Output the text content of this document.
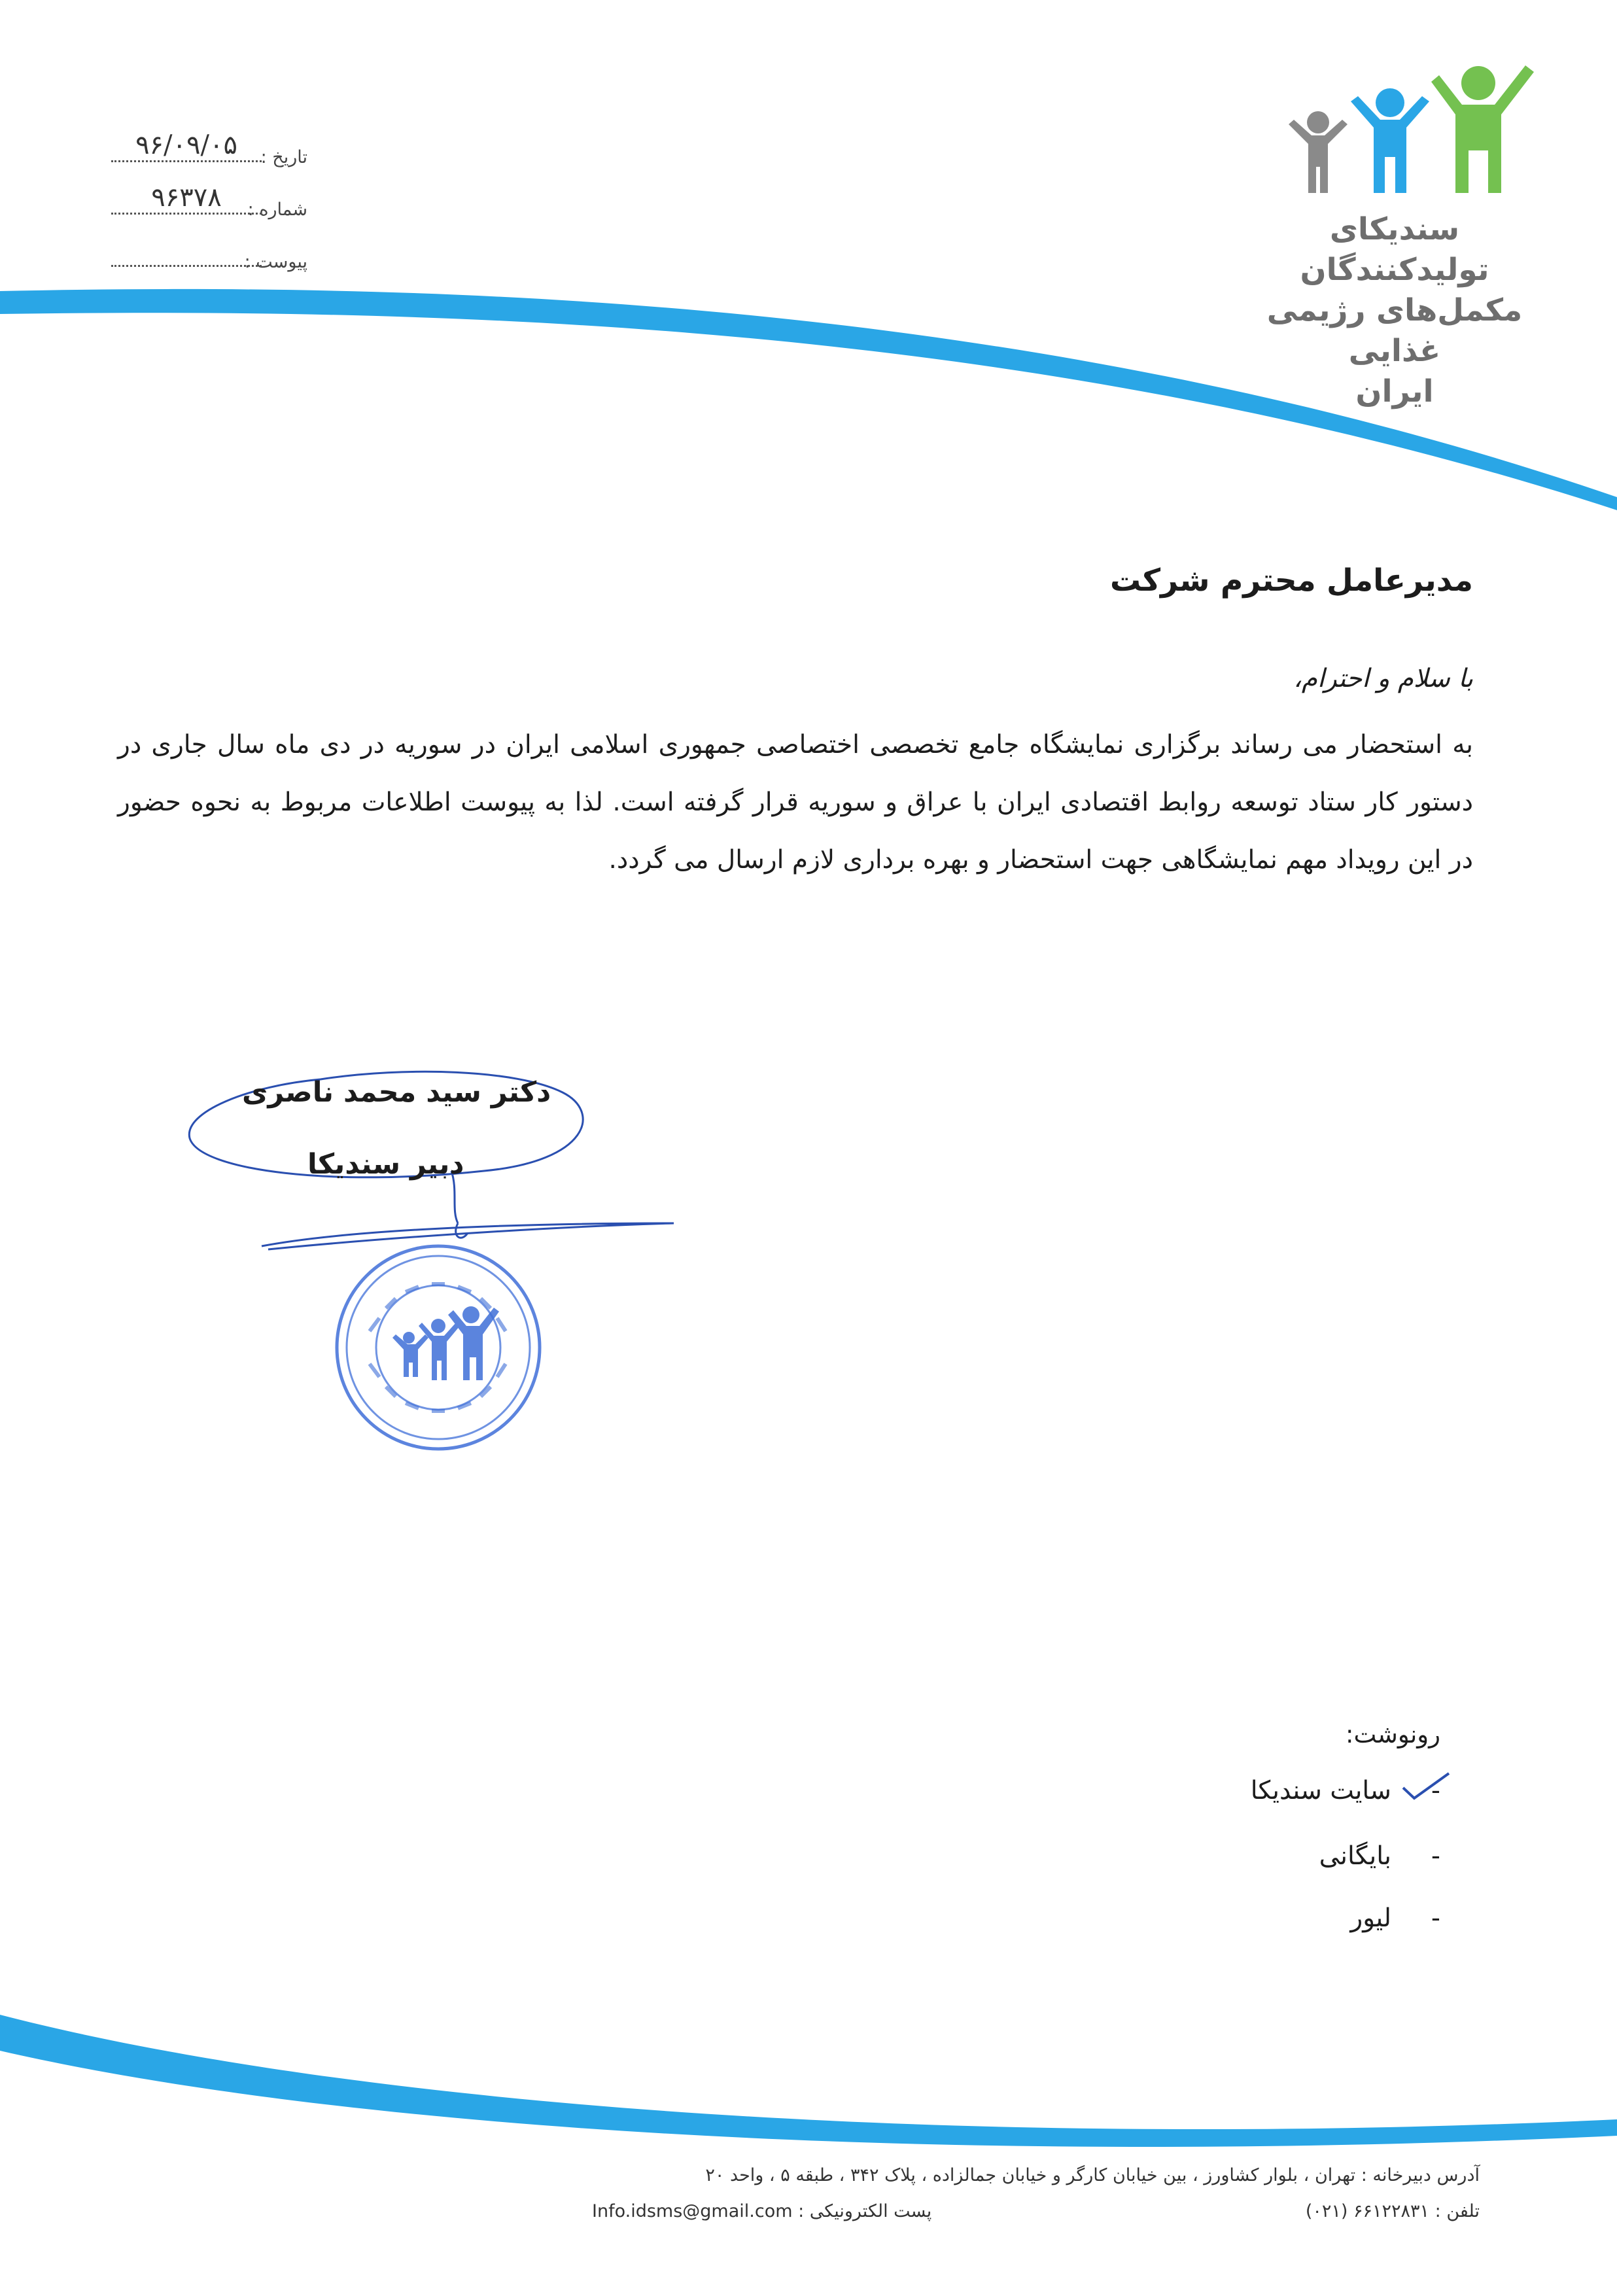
تاریخ :
۹۶/۰۹/۰۵
شماره :
۹۶۳۷۸
پیوست :
سندیکای تولیدکنندگان
مکمل‌های رژیمی غذایی
ایران
مدیرعامل محترم شرکت
با سلام و احترام،
به استحضار می رساند برگزاری نمایشگاه جامع تخصصی اختصاصی جمهوری اسلامی ایران در سوریه در دی ماه سال جاری در دستور کار ستاد توسعه روابط اقتصادی ایران با عراق و سوریه قرار گرفته است. لذا به پیوست اطلاعات مربوط به نحوه حضور در این رویداد مهم نمایشگاهی جهت استحضار و بهره برداری لازم ارسال می گردد.
دکتر سید محمد ناصری
دبیر سندیکا
رونوشت:
-
سایت سندیکا
-
بایگانی
-
لیور
آدرس دبیرخانه : تهران ، بلوار کشاورز ، بین خیابان کارگر و خیابان جمالزاده ، پلاک ۳۴۲ ، طبقه ۵ ، واحد ۲۰
تلفن : ۶۶۱۲۲۸۳۱ (۰۲۱)
پست الکترونیکی : Info.idsms@gmail.com
